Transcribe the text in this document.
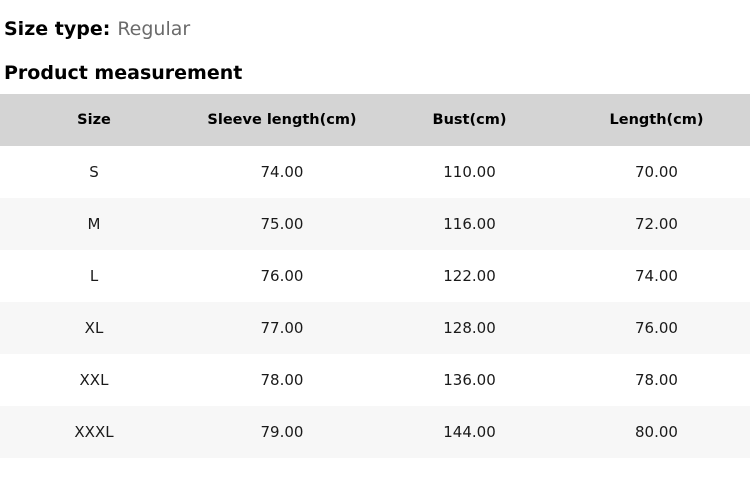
Size type: Regular
Product measurement
Size	Sleeve length(cm)	Bust(cm)	Length(cm)
S	74.00	110.00	70.00
M	75.00	116.00	72.00
L	76.00	122.00	74.00
XL	77.00	128.00	76.00
XXL	78.00	136.00	78.00
XXXL	79.00	144.00	80.00
